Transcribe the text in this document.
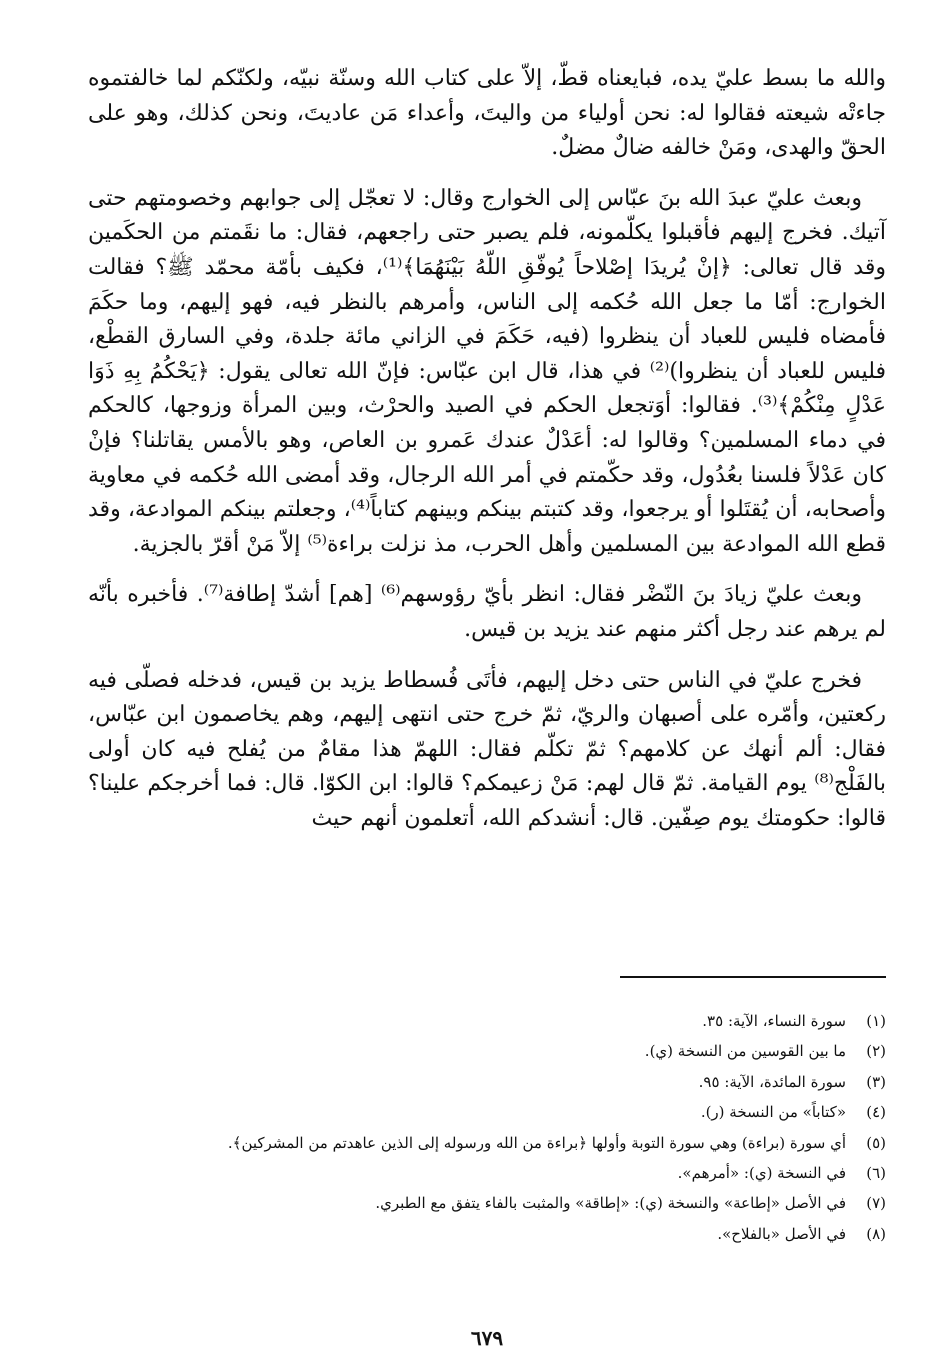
والله ما بسط عليّ يده، فبايعناه قطّ، إلاّ على كتاب الله وسنّة نبيّه، ولكنّكم لما خالفتموه جاءتْه شيعته فقالوا له: نحن أولياء من واليتَ، وأعداء مَن عاديتَ، ونحن كذلك، وهو على الحقّ والهدى، ومَنْ خالفه ضالٌ مضلٌ.

وبعث عليّ عبدَ الله بنَ عبّاس إلى الخوارج وقال: لا تعجّل إلى جوابهم وخصومتهم حتى آتيك. فخرج إليهم فأقبلوا يكلّمونه، فلم يصبر حتى راجعهم، فقال: ما نقَمتم من الحكَمين وقد قال تعالى: ﴿إنْ يُريدَا إصْلاحاً يُوفّقِ اللّهُ بَيْنَهُمَا﴾⁽¹⁾، فكيف بأمّة محمّد ﷺ؟ فقالت الخوارج: أمّا ما جعل الله حُكمه إلى الناس، وأمرهم بالنظر فيه، فهو إليهم، وما حكَمَ فأمضاه فليس للعباد أن ينظروا (فيه، حَكَمَ في الزاني مائة جلدة، وفي السارق القطْع، فليس للعباد أن ينظروا)⁽²⁾ في هذا، قال ابن عبّاس: فإنّ الله تعالى يقول: ﴿يَحْكُمُ بِهِ ذَوَا عَدْلٍ مِنْكُمْ﴾⁽³⁾. فقالوا: أوَتجعل الحكم في الصيد والحرْث، وبين المرأة وزوجها، كالحكم في دماء المسلمين؟ وقالوا له: أعَدْلٌ عندك عَمرو بن العاص، وهو بالأمس يقاتلنا؟ فإنْ كان عَدْلاً فلسنا بعُدُول، وقد حكّمتم في أمر الله الرجال، وقد أمضى الله حُكمه في معاوية وأصحابه، أن يُقتَلوا أو يرجعوا، وقد كتبتم بينكم وبينهم كتاباً⁽⁴⁾، وجعلتم بينكم الموادعة، وقد قطع الله الموادعة بين المسلمين وأهل الحرب، مذ نزلت براءة⁽⁵⁾ إلاّ مَنْ أقرّ بالجزية.

وبعث عليّ زيادَ بنَ النّضْر فقال: انظر بأيّ رؤوسهم⁽⁶⁾ [هم] أشدّ إطافة⁽⁷⁾. فأخبره بأنّه لم يرهم عند رجل أكثر منهم عند يزيد بن قيس.

فخرج عليّ في الناس حتى دخل إليهم، فأتَى فُسطاط يزيد بن قيس، فدخله فصلّى فيه ركعتين، وأمّره على أصبهان والريّ، ثمّ خرج حتى انتهى إليهم، وهم يخاصمون ابن عبّاس، فقال: ألم أنهك عن كلامهم؟ ثمّ تكلّم فقال: اللهمّ هذا مقامٌ من يُفلح فيه كان أولى بالفَلْج⁽⁸⁾ يوم القيامة. ثمّ قال لهم: مَنْ زعيمكم؟ قالوا: ابن الكوّا. قال: فما أخرجكم علينا؟ قالوا: حكومتك يوم صِفّين. قال: أنشدكم الله، أتعلمون أنهم حيث

(١)
سورة النساء، الآية: ٣٥.
(٢)
ما بين القوسين من النسخة (ي).
(٣)
سورة المائدة، الآية: ٩٥.
(٤)
«كتاباً» من النسخة (ر).
(٥)
أي سورة (براءة) وهي سورة التوبة وأولها ﴿براءة من الله ورسوله إلى الذين عاهدتم من المشركين﴾.
(٦)
في النسخة (ي): «أمرهم».
(٧)
في الأصل «إطاعة» والنسخة (ي): «إطاقة» والمثبت بالفاء يتفق مع الطبري.
(٨)
في الأصل «بالفلاح».
٦٧٩
